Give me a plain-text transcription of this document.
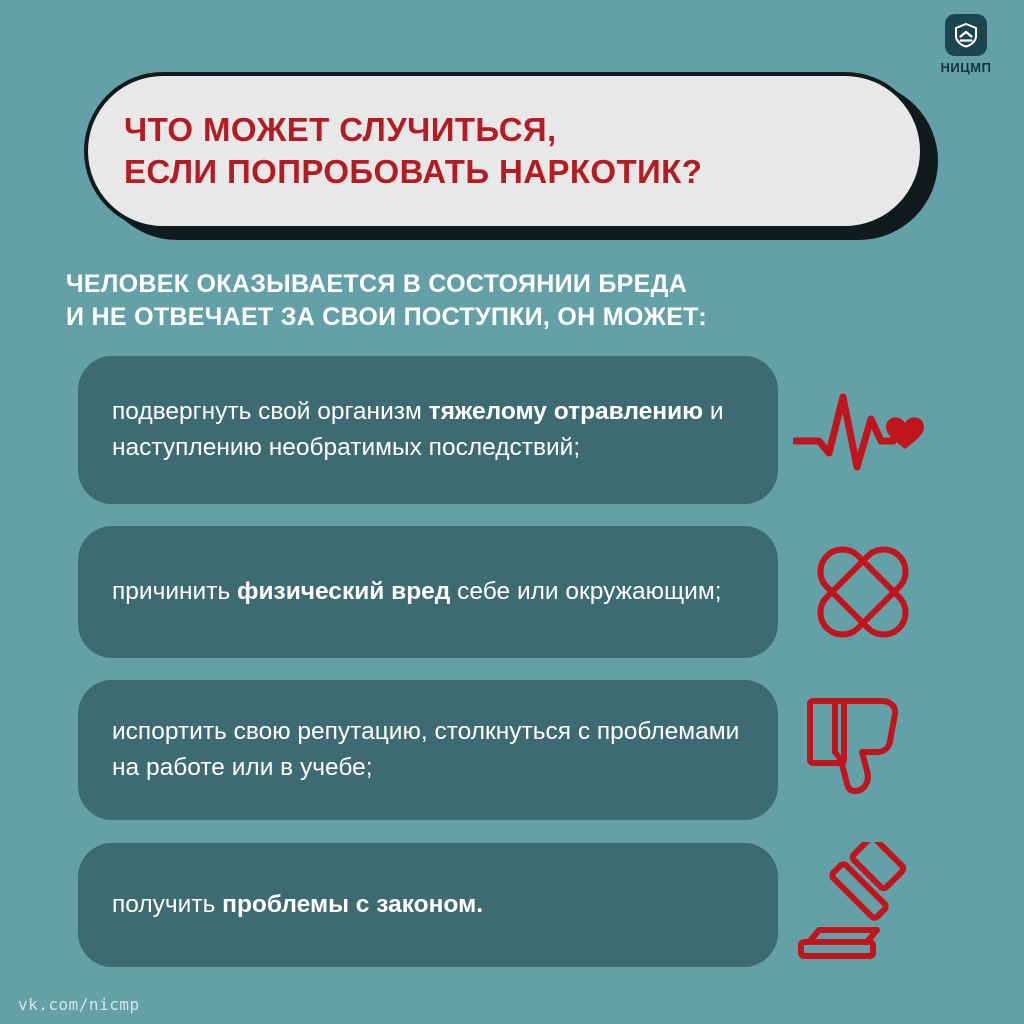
НИЦМП
ЧТО МОЖЕТ СЛУЧИТЬСЯ,
ЕСЛИ ПОПРОБОВАТЬ НАРКОТИК?
ЧЕЛОВЕК ОКАЗЫВАЕТСЯ В СОСТОЯНИИ БРЕДА
И НЕ ОТВЕЧАЕТ ЗА СВОИ ПОСТУПКИ, ОН МОЖЕТ:
подвергнуть свой организм тяжелому отравлению и наступлению необратимых последствий;
причинить физический вред себе или окружающим;
испортить свою репутацию, столкнуться с проблемами на работе или в учебе;
получить проблемы с законом.
vk.com/nicmp
